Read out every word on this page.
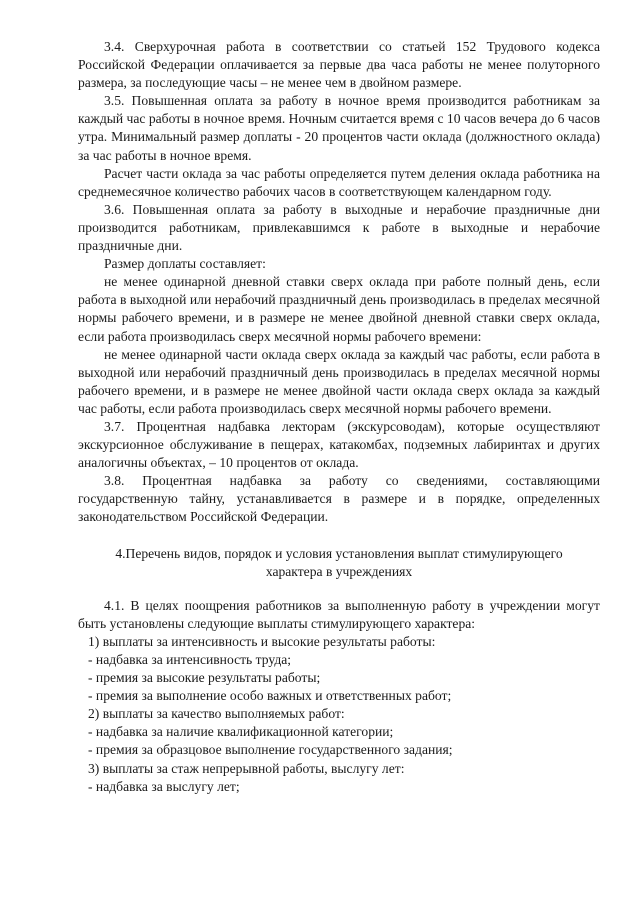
3.4. Сверхурочная работа в соответствии со статьей 152 Трудового кодекса Российской Федерации оплачивается за первые два часа работы не менее полуторного размера, за последующие часы – не менее чем в двойном размере.

3.5. Повышенная оплата за работу в ночное время производится работникам за каждый час работы в ночное время. Ночным считается время с 10 часов вечера до 6 часов утра. Минимальный размер доплаты - 20 процентов части оклада (должностного оклада) за час работы в ночное время.

Расчет части оклада за час работы определяется путем деления оклада работника на среднемесячное количество рабочих часов в соответствующем календарном году.

3.6. Повышенная оплата за работу в выходные и нерабочие праздничные дни производится работникам, привлекавшимся к работе в выходные и нерабочие праздничные дни.

Размер доплаты составляет:

не менее одинарной дневной ставки сверх оклада при работе полный день, если работа в выходной или нерабочий праздничный день производилась в пределах месячной нормы рабочего времени, и в размере не менее двойной дневной ставки сверх оклада, если работа производилась сверх месячной нормы рабочего времени:

не менее одинарной части оклада сверх оклада за каждый час работы, если работа в выходной или нерабочий праздничный день производилась в пределах месячной нормы рабочего времени, и в размере не менее двойной части оклада сверх оклада за каждый час работы, если работа производилась сверх месячной нормы рабочего времени.

3.7. Процентная надбавка лекторам (экскурсоводам), которые осуществляют экскурсионное обслуживание в пещерах, катакомбах, подземных лабиринтах и других аналогичны объектах, – 10 процентов от оклада.

3.8. Процентная надбавка за работу со сведениями, составляющими государственную тайну, устанавливается в размере и в порядке, определенных законодательством Российской Федерации.

4.Перечень видов, порядок и условия установления выплат стимулирующего

характера в учреждениях

4.1. В целях поощрения работников за выполненную работу в учреждении могут быть установлены следующие выплаты стимулирующего характера:

1) выплаты за интенсивность и высокие результаты работы:

- надбавка за интенсивность труда;

- премия за высокие результаты работы;

- премия за выполнение особо важных и ответственных работ;

2) выплаты за качество выполняемых работ:

- надбавка за наличие квалификационной категории;

- премия за образцовое выполнение государственного задания;

3) выплаты за стаж непрерывной работы, выслугу лет:

- надбавка за выслугу лет;
